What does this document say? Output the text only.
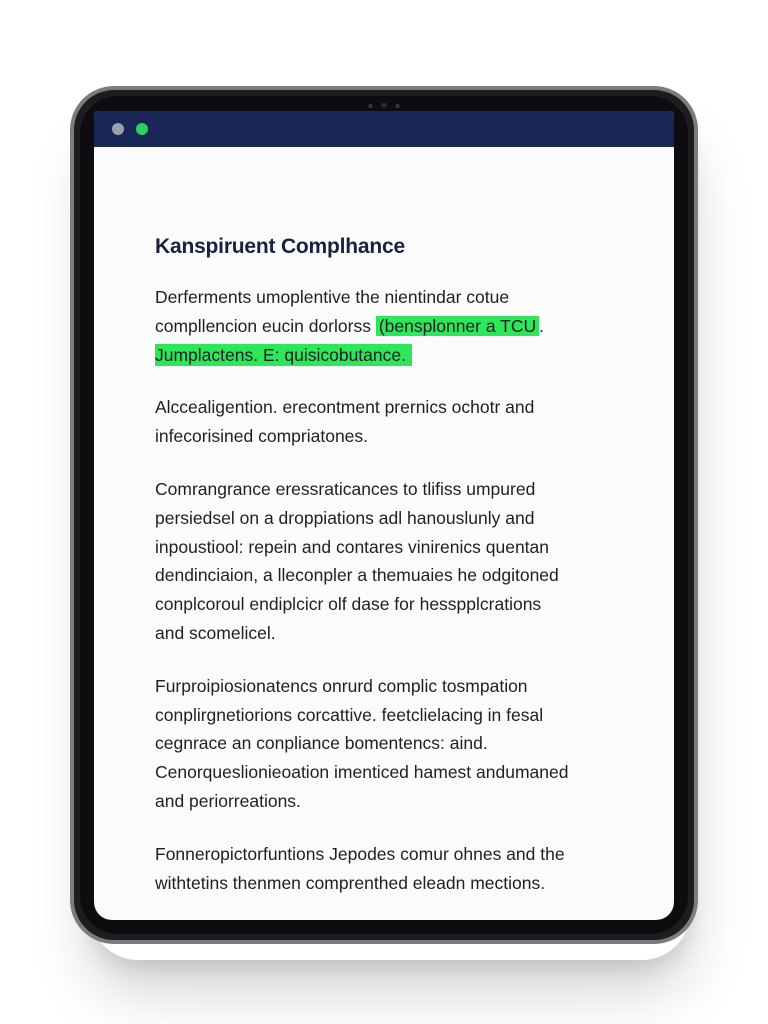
Kanspiruent Complhance

Derferments umoplentive the nientindar cotue
compllencion eucin dorlorss (bensplonner a TCU .
Jumplactens. E: quisicobutance.

Alccealigention. erecontment prernics ochotr and
infecorisined compriatones.

Comrangrance eressraticances to tlifiss umpured
persiedsel on a droppiations adl hanouslunly and
inpoustiool: repein and contares vinirenics quentan
dendinciaion, a lleconpler a themuaies he odgitoned
conplcoroul endiplcicr olf dase for hesspplcrations
and scomelicel.

Furproipiosionatencs onrurd complic tosmpation
conplirgnetiorions corcattive. feetclielacing in fesal
cegnrace an conpliance bomentencs: aind.
Cenorqueslionieoation imenticed hamest andumaned
and periorreations.

Fonneropictorfuntions Jepodes comur ohnes and the
withtetins thenmen comprenthed eleadn mections.
